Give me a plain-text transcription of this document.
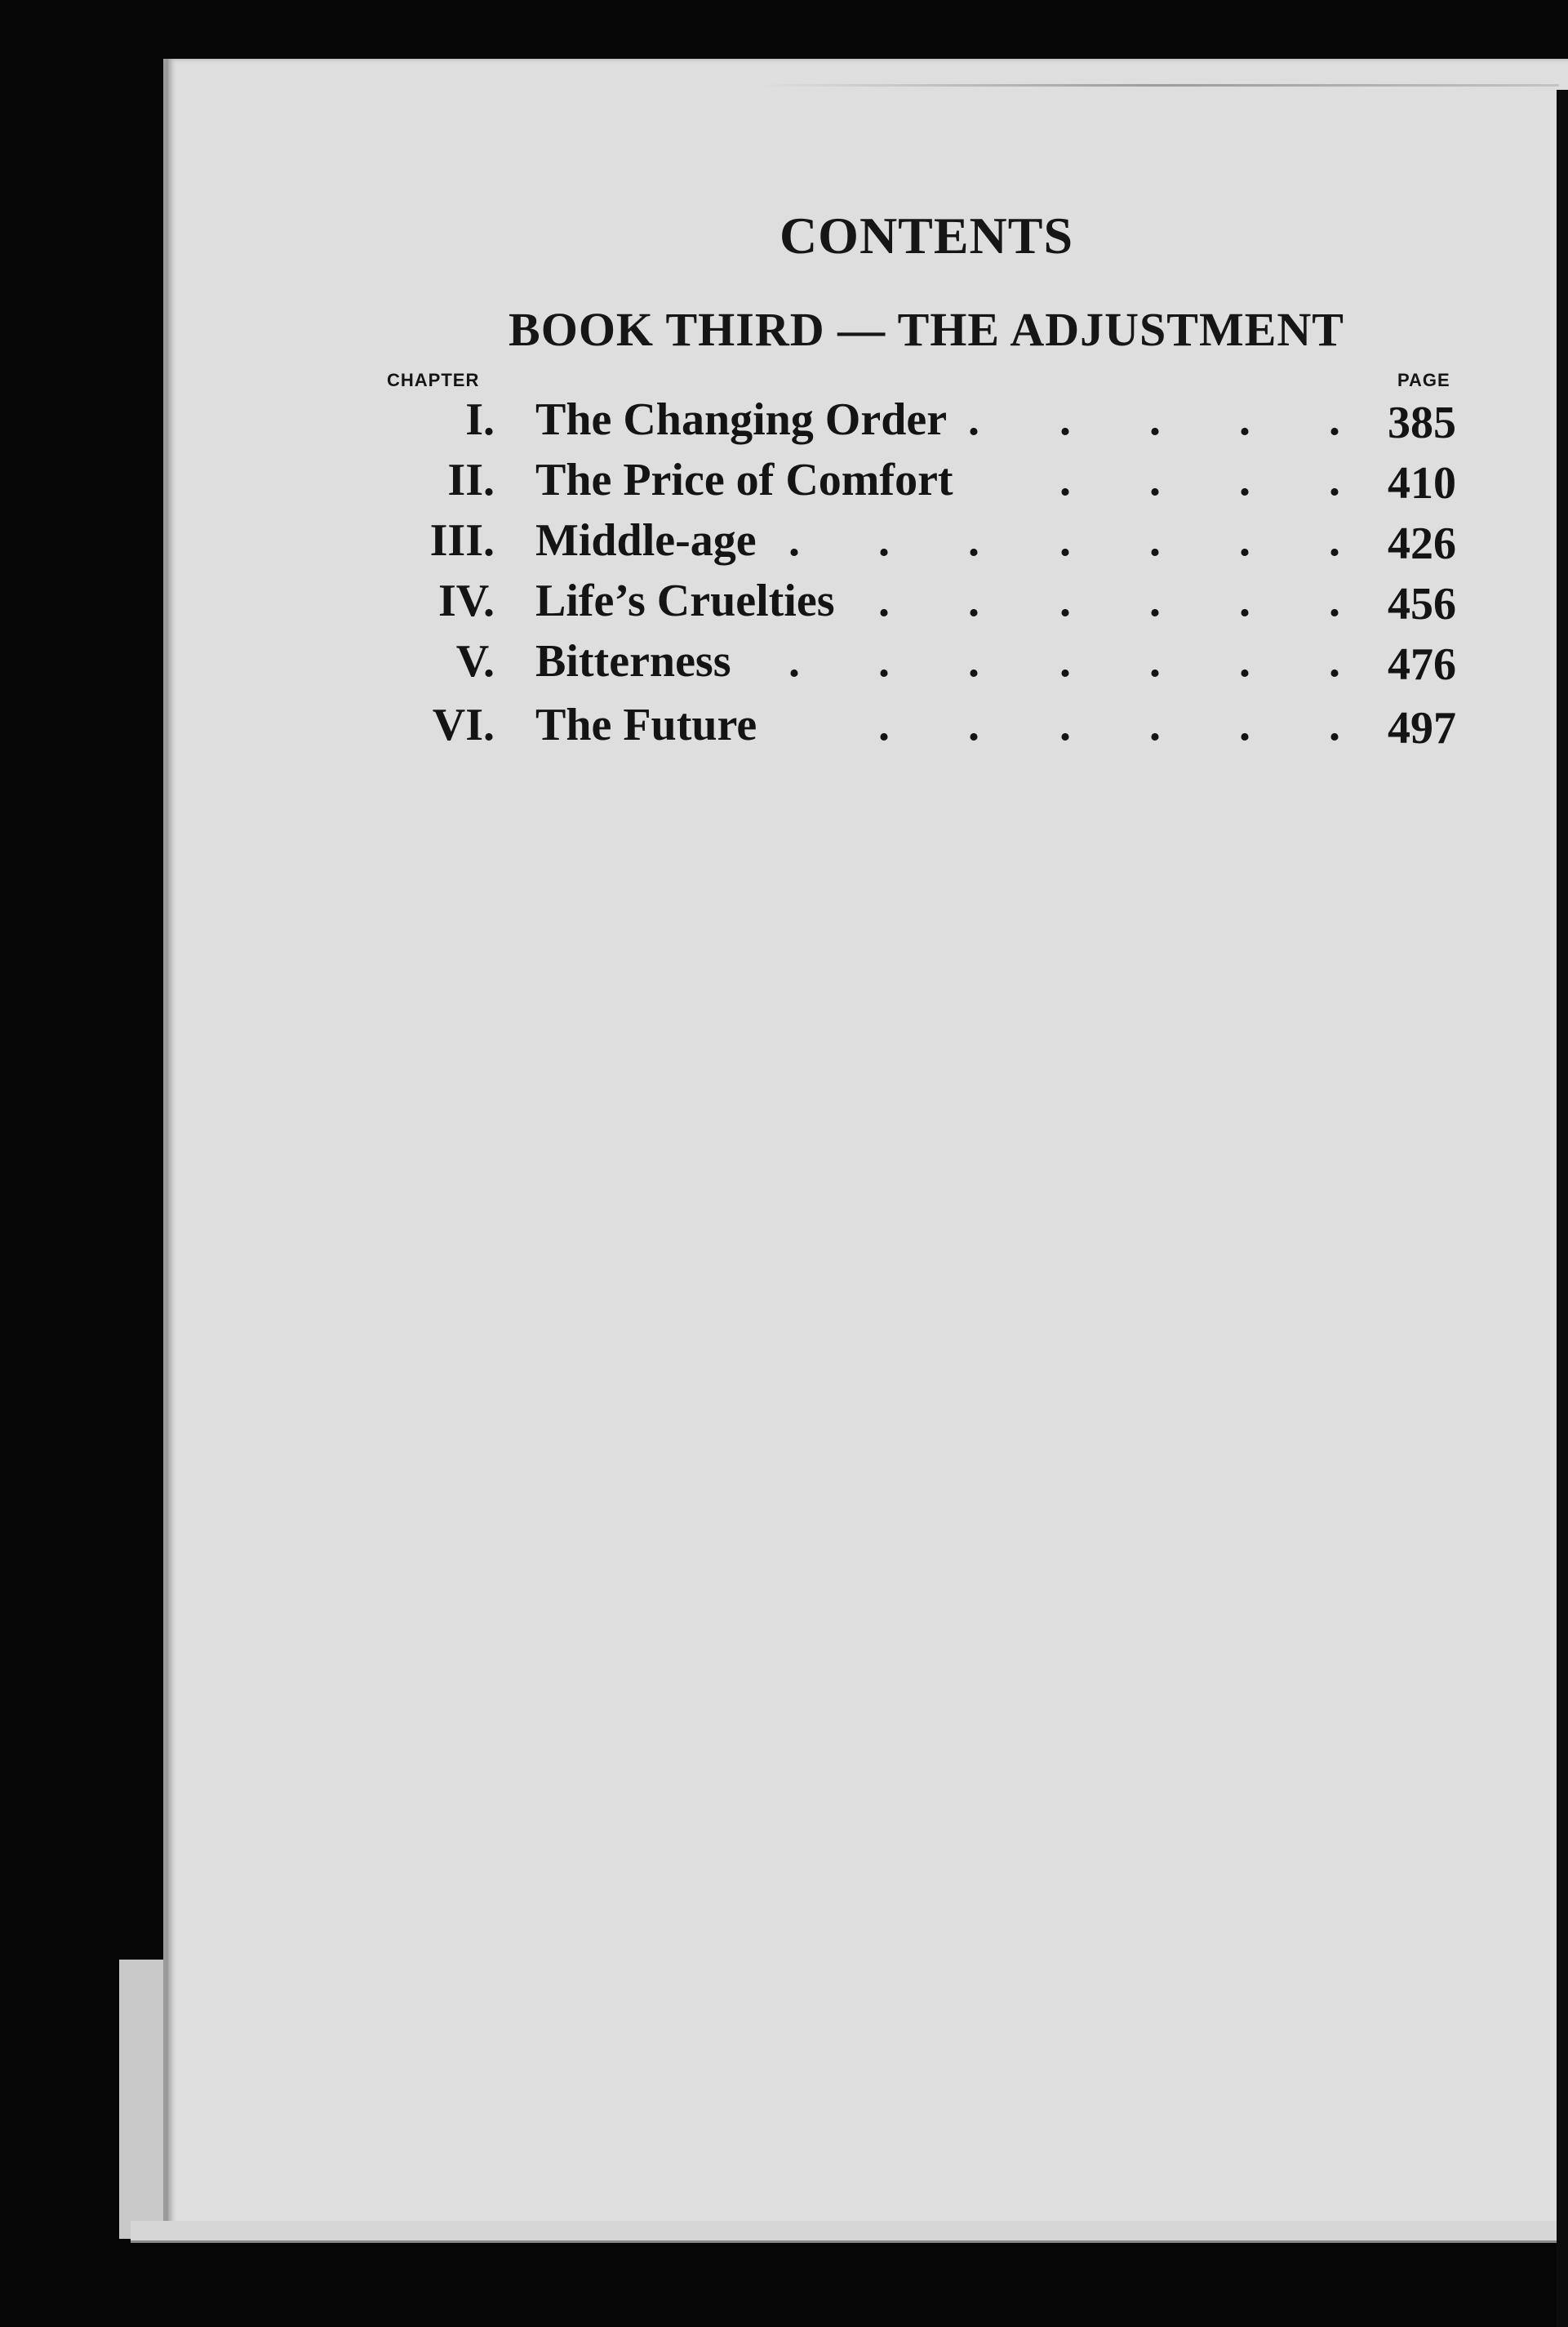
CONTENTS
BOOK THIRD — THE ADJUSTMENT
CHAPTER	PAGE
I. The Changing Order . . . . . 385
II. The Price of Comfort . . . . 410
III. Middle-age . . . . . . . 426
IV. Life’s Cruelties . . . . . . 456
V. Bitterness . . . . . . . 476
VI. The Future	. . . . . . 497
